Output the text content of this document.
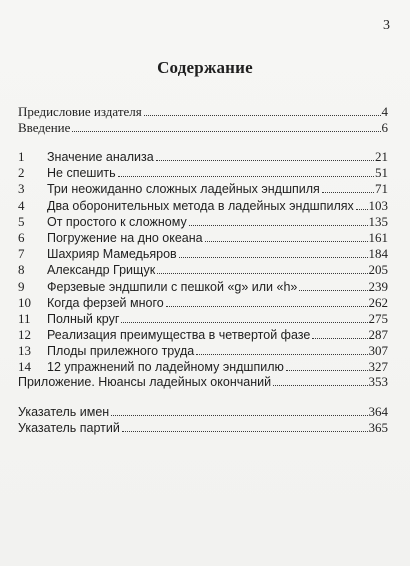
3
Содержание
Предисловие издателя	4
Введение	6
1	Значение анализа	21
2	Не спешить	51
3	Три неожиданно сложных ладейных эндшпиля	71
4	Два оборонительных метода в ладейных эндшпилях 103
5	От простого к сложному	135
6	Погружение на дно океана	161
7	Шахрияр Мамедьяров	184
8	Александр Грищук	205
9	Ферзевые эндшпили с пешкой «g» или «h»	239
10	Когда ферзей много	262
11	Полный круг	275
12	Реализация преимущества в четвертой фазе	287
13	Плоды прилежного труда	307
14	12 упражнений по ладейному эндшпилю	327
Приложение. Нюансы ладейных окончаний	353
Указатель имен	364
Указатель партий	365
